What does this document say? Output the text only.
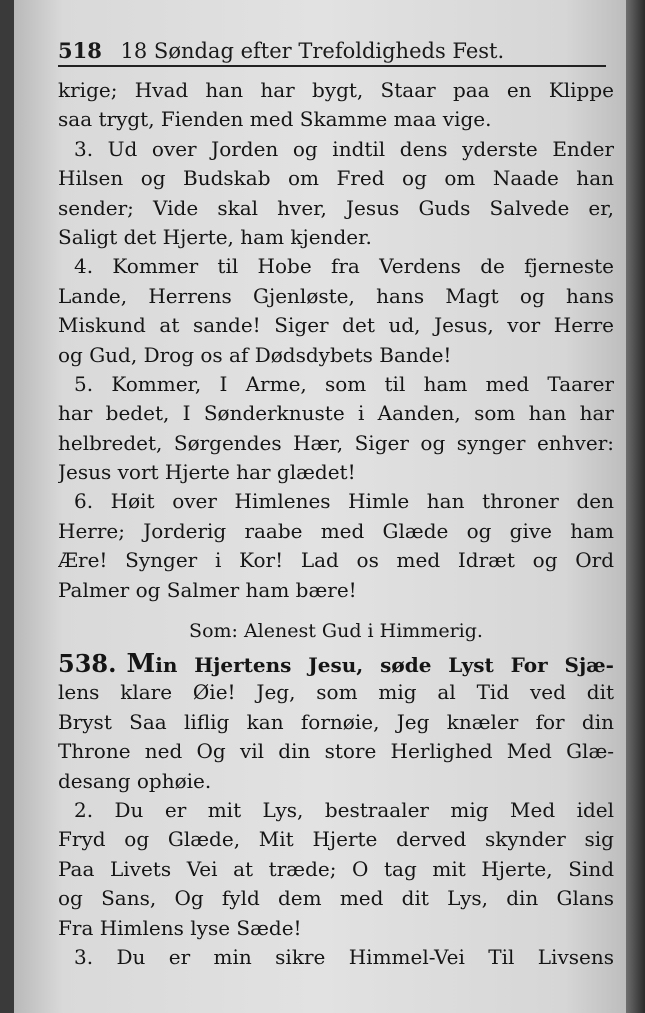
518 18 Søndag efter Trefoldigheds Fest.
krige; Hvad han har bygt, Staar paa en Klippe
saa trygt, Fienden med Skamme maa vige.
3. Ud over Jorden og indtil dens yderste Ender
Hilsen og Budskab om Fred og om Naade han
sender; Vide skal hver, Jesus Guds Salvede er,
Saligt det Hjerte, ham kjender.
4. Kommer til Hobe fra Verdens de fjerneste
Lande, Herrens Gjenløste, hans Magt og hans
Miskund at sande! Siger det ud, Jesus, vor Herre
og Gud, Drog os af Dødsdybets Bande!
5. Kommer, I Arme, som til ham med Taarer
har bedet, I Sønderknuste i Aanden, som han har
helbredet, Sørgendes Hær, Siger og synger enhver:
Jesus vort Hjerte har glædet!
6. Høit over Himlenes Himle han throner den
Herre; Jorderig raabe med Glæde og give ham
Ære! Synger i Kor! Lad os med Idræt og Ord
Palmer og Salmer ham bære!
Som: Alenest Gud i Himmerig.
538. Min Hjertens Jesu, søde Lyst For Sjæ-
lens klare Øie! Jeg, som mig al Tid ved dit
Bryst Saa liflig kan fornøie, Jeg knæler for din
Throne ned Og vil din store Herlighed Med Glæ-
desang ophøie.
2. Du er mit Lys, bestraaler mig Med idel
Fryd og Glæde, Mit Hjerte derved skynder sig
Paa Livets Vei at træde; O tag mit Hjerte, Sind
og Sans, Og fyld dem med dit Lys, din Glans
Fra Himlens lyse Sæde!
3. Du er min sikre Himmel-Vei Til Livsens
